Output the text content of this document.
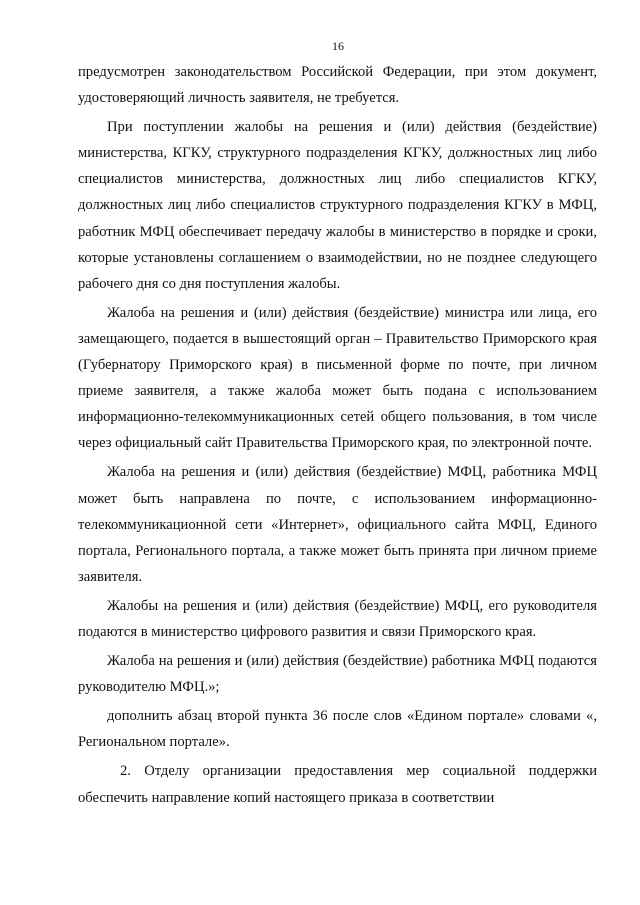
16

предусмотрен законодательством Российской Федерации, при этом документ, удостоверяющий личность заявителя, не требуется.

При поступлении жалобы на решения и (или) действия (бездействие) министерства, КГКУ, структурного подразделения КГКУ, должностных лиц либо специалистов министерства, должностных лиц либо специалистов КГКУ, должностных лиц либо специалистов структурного подразделения КГКУ в МФЦ, работник МФЦ обеспечивает передачу жалобы в министерство в порядке и сроки, которые установлены соглашением о взаимодействии, но не позднее следующего рабочего дня со дня поступления жалобы.

Жалоба на решения и (или) действия (бездействие) министра или лица, его замещающего, подается в вышестоящий орган – Правительство Приморского края (Губернатору Приморского края) в письменной форме по почте, при личном приеме заявителя, а также жалоба может быть подана с использованием информационно-телекоммуникационных сетей общего пользования, в том числе через официальный сайт Правительства Приморского края, по электронной почте.

Жалоба на решения и (или) действия (бездействие) МФЦ, работника МФЦ может быть направлена по почте, с использованием информационно-телекоммуникационной сети «Интернет», официального сайта МФЦ, Единого портала, Регионального портала, а также может быть принята при личном приеме заявителя.

Жалобы на решения и (или) действия (бездействие) МФЦ, его руководителя подаются в министерство цифрового развития и связи Приморского края.

Жалоба на решения и (или) действия (бездействие) работника МФЦ подаются руководителю МФЦ.»;

дополнить абзац второй пункта 36 после слов «Едином портале» словами «, Региональном портале».

2. Отделу организации предоставления мер социальной поддержки обеспечить направление копий настоящего приказа в соответствии
